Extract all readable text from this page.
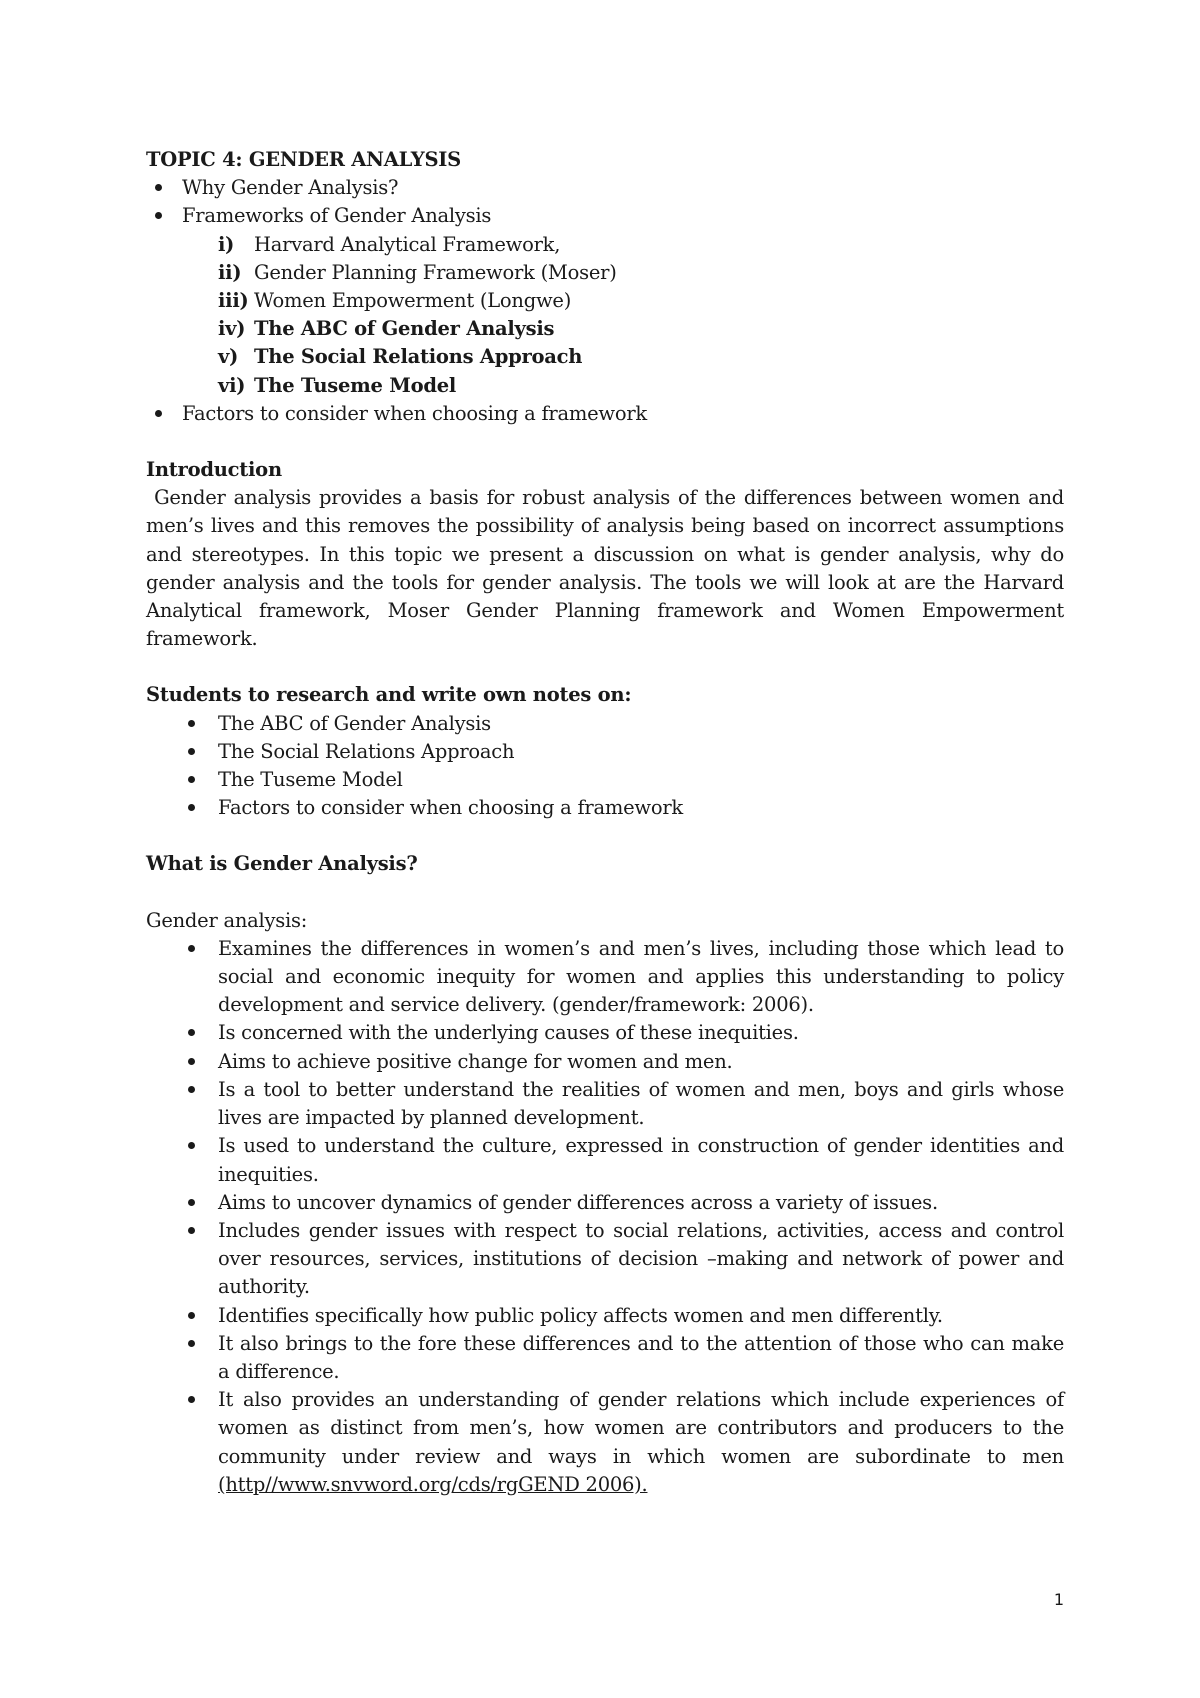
TOPIC 4: GENDER ANALYSIS

Why Gender Analysis?
Frameworks of Gender Analysis
i) Harvard Analytical Framework,
ii) Gender Planning Framework (Moser)
iii) Women Empowerment (Longwe)
iv) The ABC of Gender Analysis
v) The Social Relations Approach
vi) The Tuseme Model
Factors to consider when choosing a framework

Introduction

Gender analysis provides a basis for robust analysis of the differences between women and men’s lives and this removes the possibility of analysis being based on incorrect assumptions and stereotypes. In this topic we present a discussion on what is gender analysis, why do gender analysis and the tools for gender analysis. The tools we will look at are the Harvard Analytical framework, Moser Gender Planning framework and Women Empowerment framework.

Students to research and write own notes on:

The ABC of Gender Analysis
The Social Relations Approach
The Tuseme Model
Factors to consider when choosing a framework

What is Gender Analysis?

Gender analysis:

Examines the differences in women’s and men’s lives, including those which lead to social and economic inequity for women and applies this understanding to policy development and service delivery. (gender/framework: 2006).
Is concerned with the underlying causes of these inequities.
Aims to achieve positive change for women and men.
Is a tool to better understand the realities of women and men, boys and girls whose lives are impacted by planned development.
Is used to understand the culture, expressed in construction of gender identities and inequities.
Aims to uncover dynamics of gender differences across a variety of issues.
Includes gender issues with respect to social relations, activities, access and control over resources, services, institutions of decision –making and network of power and authority.
Identifies specifically how public policy affects women and men differently.
It also brings to the fore these differences and to the attention of those who can make a difference.
It also provides an understanding of gender relations which include experiences of women as distinct from men’s, how women are contributors and producers to the community under review and ways in which women are subordinate to men (http//www.snvword.org/cds/rgGEND 2006).
1
